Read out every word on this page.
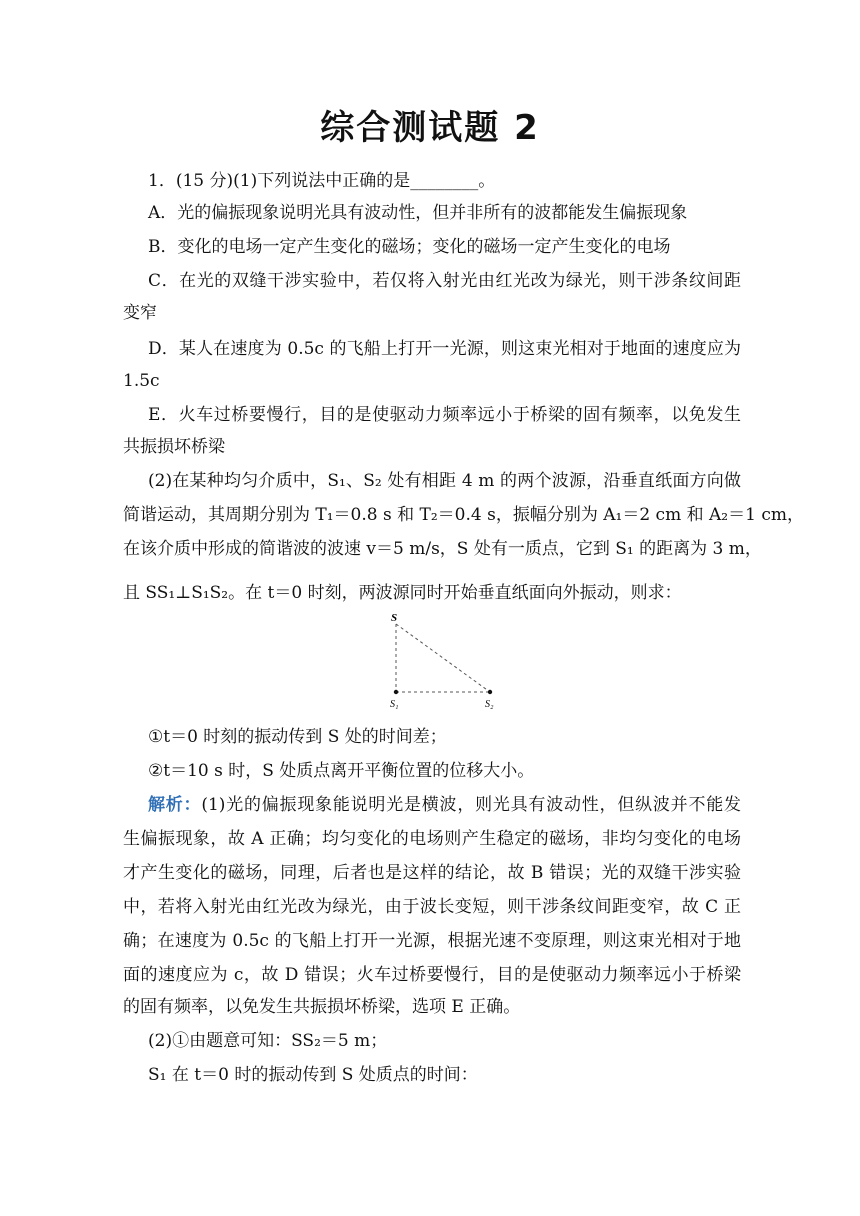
综合测试题 2
1．(15 分)(1)下列说法中正确的是________。
A．光的偏振现象说明光具有波动性，但并非所有的波都能发生偏振现象
B．变化的电场一定产生变化的磁场；变化的磁场一定产生变化的电场
C．在光的双缝干涉实验中，若仅将入射光由红光改为绿光，则干涉条纹间距
变窄
D．某人在速度为 0.5c 的飞船上打开一光源，则这束光相对于地面的速度应为
1.5c
E．火车过桥要慢行，目的是使驱动力频率远小于桥梁的固有频率，以免发生
共振损坏桥梁
(2)在某种均匀介质中，S₁、S₂ 处有相距 4 m 的两个波源，沿垂直纸面方向做
简谐运动，其周期分别为 T₁＝0.8 s 和 T₂＝0.4 s，振幅分别为 A₁＝2 cm 和 A₂＝1 cm，
在该介质中形成的简谐波的波速 v＝5 m/s，S 处有一质点，它到 S₁ 的距离为 3 m，
且 SS₁⊥S₁S₂。在 t＝0 时刻，两波源同时开始垂直纸面向外振动，则求：
S
S₁	S₂
①t＝0 时刻的振动传到 S 处的时间差；
②t＝10 s 时，S 处质点离开平衡位置的位移大小。
解析：(1)光的偏振现象能说明光是横波，则光具有波动性，但纵波并不能发
生偏振现象，故 A 正确；均匀变化的电场则产生稳定的磁场，非均匀变化的电场
才产生变化的磁场，同理，后者也是这样的结论，故 B 错误；光的双缝干涉实验
中，若将入射光由红光改为绿光，由于波长变短，则干涉条纹间距变窄，故 C 正
确；在速度为 0.5c 的飞船上打开一光源，根据光速不变原理，则这束光相对于地
面的速度应为 c，故 D 错误；火车过桥要慢行，目的是使驱动力频率远小于桥梁
的固有频率，以免发生共振损坏桥梁，选项 E 正确。
(2)①由题意可知：SS₂＝5 m；
S₁ 在 t＝0 时的振动传到 S 处质点的时间：
